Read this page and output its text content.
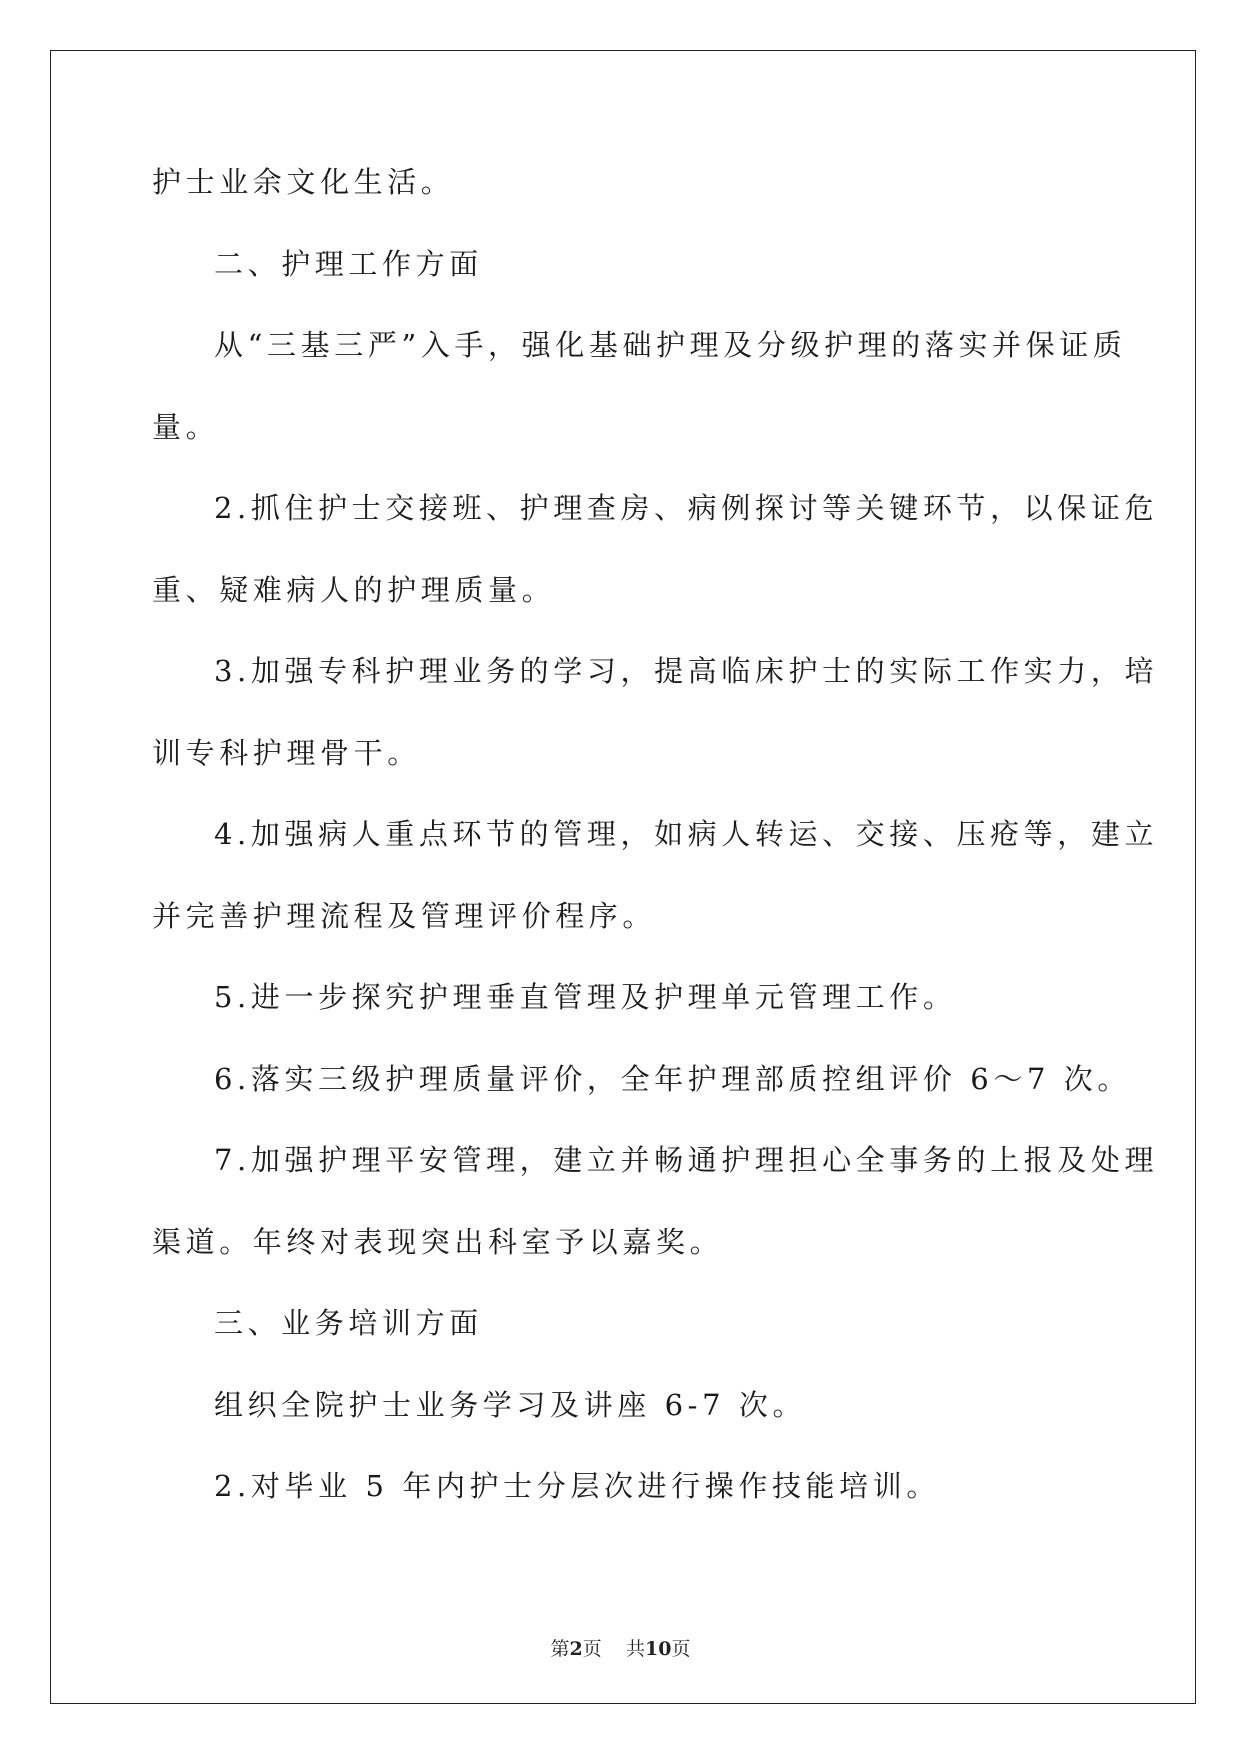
护士业余文化生活。
二、护理工作方面
从“三基三严”入手，强化基础护理及分级护理的落实并保证质
量。
2.抓住护士交接班、护理查房、病例探讨等关键环节，以保证危
重、疑难病人的护理质量。
3.加强专科护理业务的学习，提高临床护士的实际工作实力，培
训专科护理骨干。
4.加强病人重点环节的管理，如病人转运、交接、压疮等，建立
并完善护理流程及管理评价程序。
5.进一步探究护理垂直管理及护理单元管理工作。
6.落实三级护理质量评价，全年护理部质控组评价 6～7 次。
7.加强护理平安管理，建立并畅通护理担心全事务的上报及处理
渠道。年终对表现突出科室予以嘉奖。
三、业务培训方面
组织全院护士业务学习及讲座 6-7 次。
2.对毕业 5 年内护士分层次进行操作技能培训。
第2页 共10页
